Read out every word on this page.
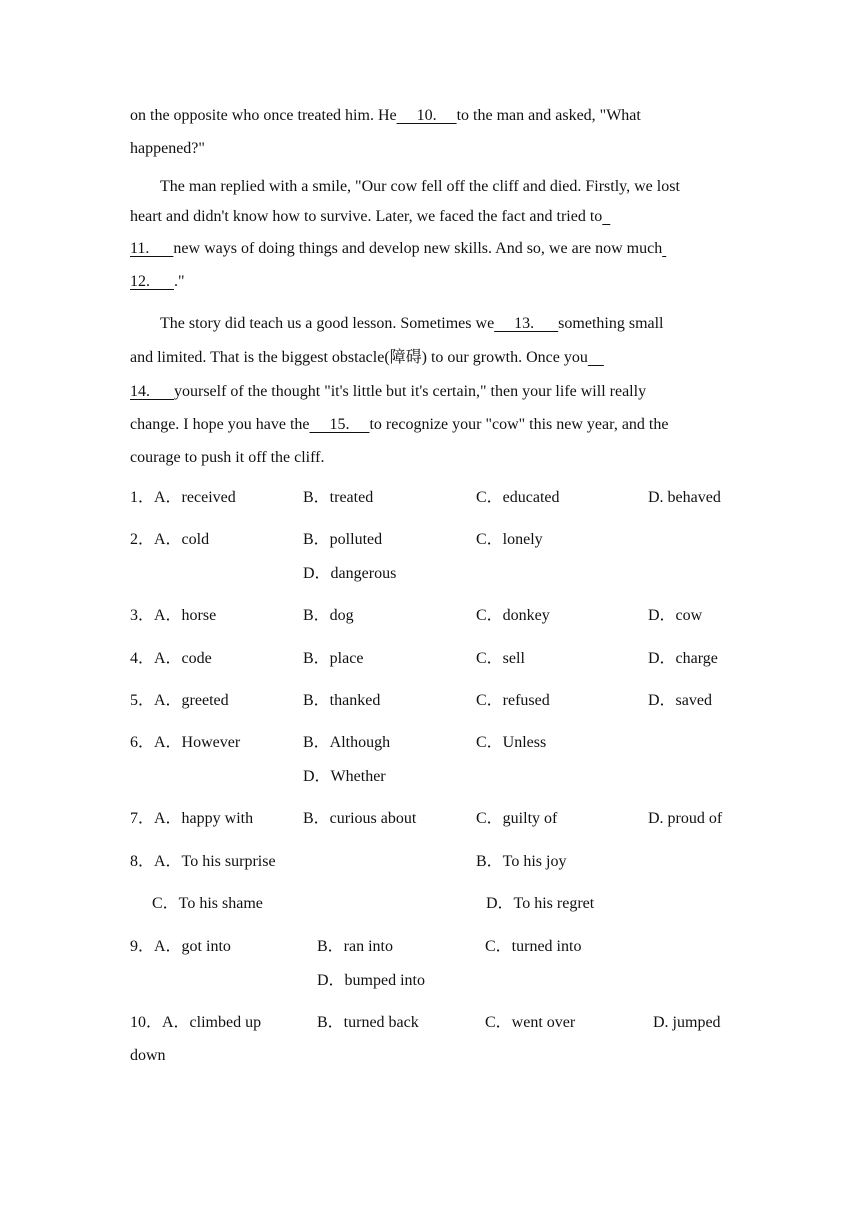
on the opposite who once treated him. He     10.     to the man and asked, "What
happened?"
The man replied with a smile, "Our cow fell off the cliff and died. Firstly, we lost
heart and didn't know how to survive. Later, we faced the fact and tried to
11.      new ways of doing things and develop new skills. And so, we are now much
12.      ."
The story did teach us a good lesson. Sometimes we     13.      something small
and limited. That is the biggest obstacle(障碍) to our growth. Once you
14.      yourself of the thought "it's little but it's certain," then your life will really
change. I hope you have the     15.     to recognize your "cow" this new year, and the
courage to push it off the cliff.
1．A．received	B．treated	C．educated	D. behaved
2．A．cold	B．polluted	C．lonely
D．dangerous
3．A．horse	B．dog	C．donkey	D．cow
4．A．code	B．place	C．sell	D．charge
5．A．greeted	B．thanked	C．refused	D．saved
6．A．However	B．Although	C．Unless
D．Whether
7．A．happy with	B．curious about	C．guilty of	D. proud of
8．A．To his surprise	B．To his joy
C．To his shame	D．To his regret
9．A．got into	B．ran into	C．turned into
D．bumped into
10．A．climbed up	B．turned back	C．went over	D. jumped
down
